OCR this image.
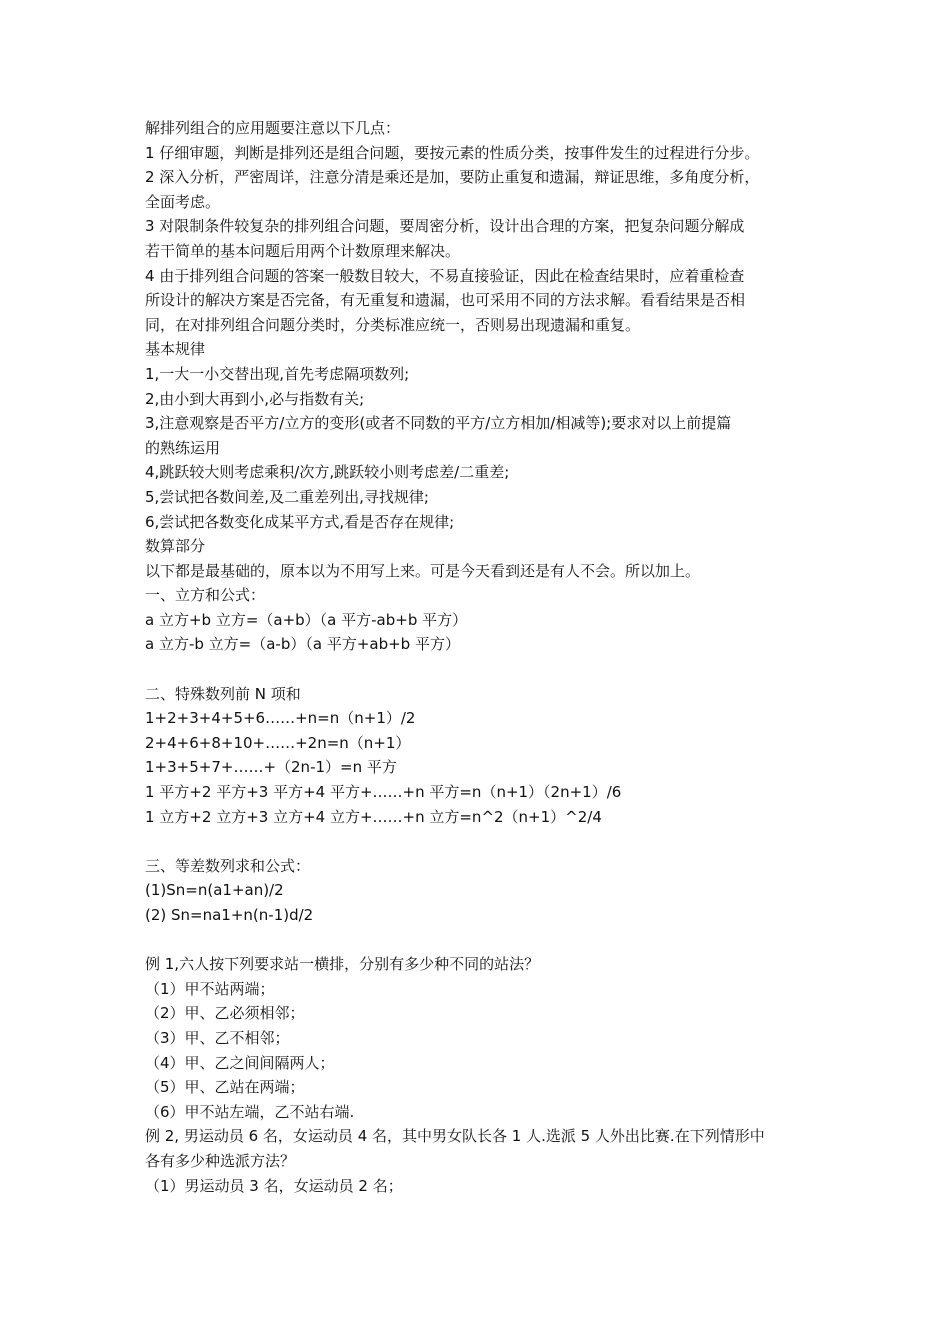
解排列组合的应用题要注意以下几点：

1 仔细审题，判断是排列还是组合问题，要按元素的性质分类，按事件发生的过程进行分步。

2 深入分析，严密周详，注意分清是乘还是加，要防止重复和遗漏，辩证思维，多角度分析，

全面考虑。

3 对限制条件较复杂的排列组合问题，要周密分析，设计出合理的方案，把复杂问题分解成

若干简单的基本问题后用两个计数原理来解决。

4 由于排列组合问题的答案一般数目较大，不易直接验证，因此在检查结果时，应着重检查

所设计的解决方案是否完备，有无重复和遗漏，也可采用不同的方法求解。看看结果是否相

同，在对排列组合问题分类时，分类标准应统一，否则易出现遗漏和重复。

基本规律

1,一大一小交替出现,首先考虑隔项数列;

2,由小到大再到小,必与指数有关;

3,注意观察是否平方/立方的变形(或者不同数的平方/立方相加/相减等);要求对以上前提篇

的熟练运用

4,跳跃较大则考虑乘积/次方,跳跃较小则考虑差/二重差;

5,尝试把各数间差,及二重差列出,寻找规律;

6,尝试把各数变化成某平方式,看是否存在规律;

数算部分

以下都是最基础的，原本以为不用写上来。可是今天看到还是有人不会。所以加上。

一、立方和公式：

a 立方+b 立方=（a+b）（a 平方-ab+b 平方）

a 立方-b 立方=（a-b）（a 平方+ab+b 平方）

二、特殊数列前 N 项和

1+2+3+4+5+6……+n=n（n+1）/2

2+4+6+8+10+……+2n=n（n+1）

1+3+5+7+……+（2n-1）=n 平方

1 平方+2 平方+3 平方+4 平方+……+n 平方=n（n+1）（2n+1）/6

1 立方+2 立方+3 立方+4 立方+……+n 立方=n^2（n+1）^2/4

三、等差数列求和公式：

(1)Sn=n(a1+an)/2

(2) Sn=na1+n(n-1)d/2

例 1,六人按下列要求站一横排，分别有多少种不同的站法？

（1）甲不站两端；

（2）甲、乙必须相邻；

（3）甲、乙不相邻；

（4）甲、乙之间间隔两人；

（5）甲、乙站在两端；

（6）甲不站左端，乙不站右端.

例 2, 男运动员 6 名，女运动员 4 名，其中男女队长各 1 人.选派 5 人外出比赛.在下列情形中

各有多少种选派方法？

（1）男运动员 3 名，女运动员 2 名；
